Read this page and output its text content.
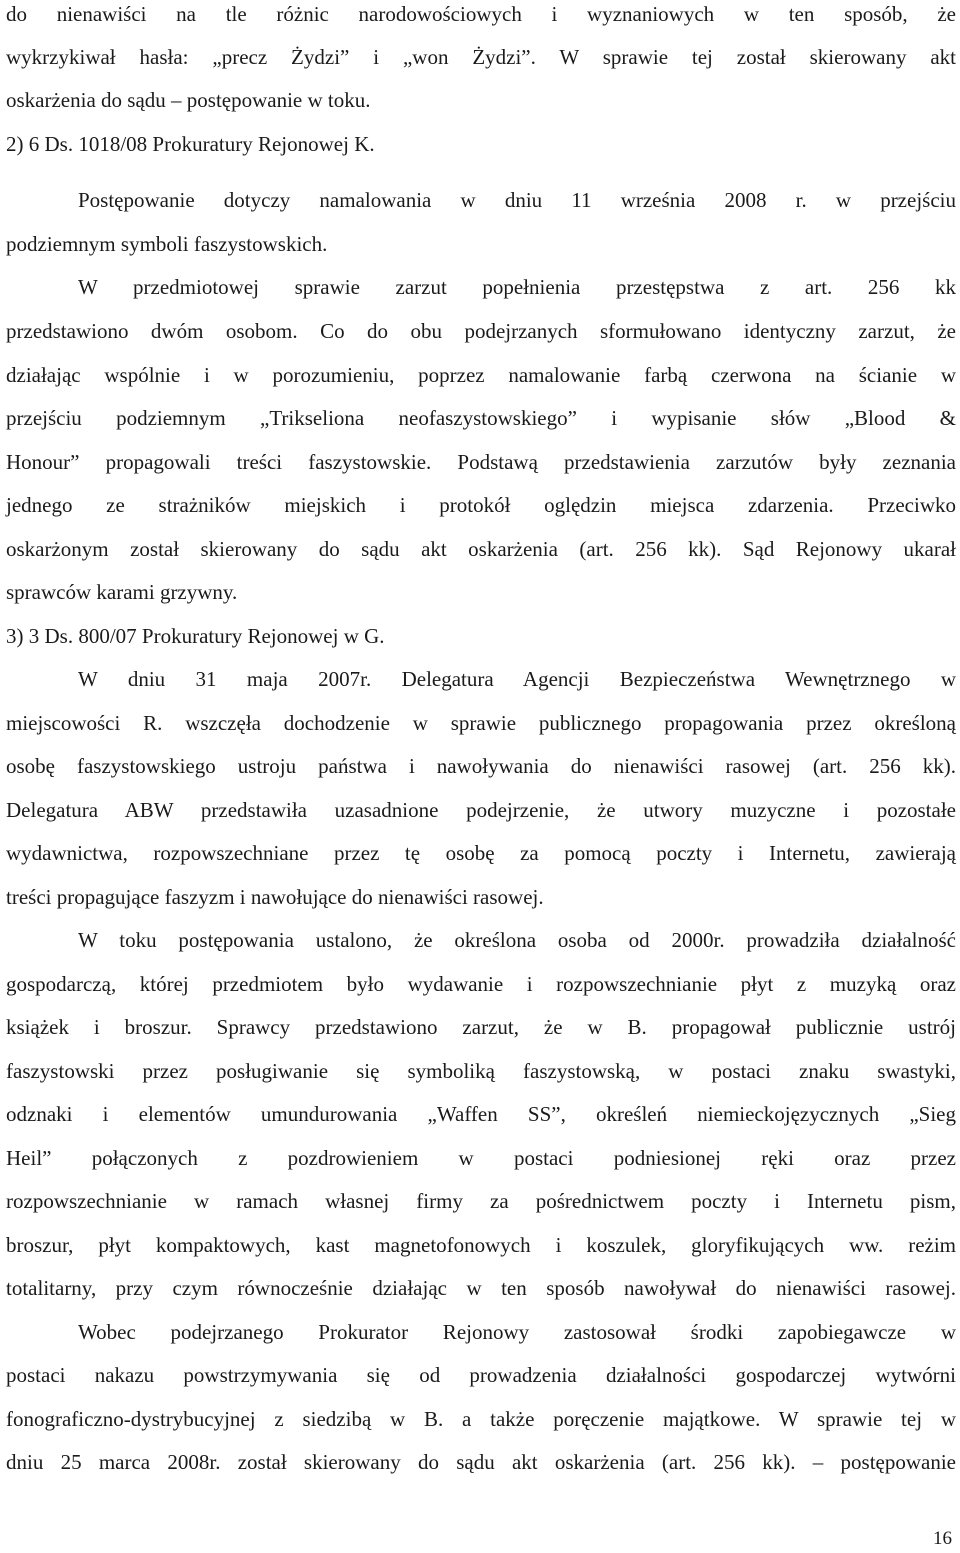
do nienawiści na tle różnic narodowościowych i wyznaniowych w ten sposób, że
wykrzykiwał hasła: „precz Żydzi” i „won Żydzi”. W sprawie tej został skierowany akt
oskarżenia do sądu – postępowanie w toku.
2) 6 Ds. 1018/08 Prokuratury Rejonowej K.
Postępowanie dotyczy namalowania w dniu 11 września 2008 r. w przejściu
podziemnym symboli faszystowskich.
W przedmiotowej sprawie zarzut popełnienia przestępstwa z art. 256 kk
przedstawiono dwóm osobom. Co do obu podejrzanych sformułowano identyczny zarzut, że
działając wspólnie i w porozumieniu, poprzez namalowanie farbą czerwona na ścianie w
przejściu podziemnym „Trikseliona neofaszystowskiego” i wypisanie słów „Blood &
Honour” propagowali treści faszystowskie. Podstawą przedstawienia zarzutów były zeznania
jednego ze strażników miejskich i protokół oględzin miejsca zdarzenia. Przeciwko
oskarżonym został skierowany do sądu akt oskarżenia (art. 256 kk). Sąd Rejonowy ukarał
sprawców karami grzywny.
3) 3 Ds. 800/07 Prokuratury Rejonowej w G.
W dniu 31 maja 2007r. Delegatura Agencji Bezpieczeństwa Wewnętrznego w
miejscowości R. wszczęła dochodzenie w sprawie publicznego propagowania przez określoną
osobę faszystowskiego ustroju państwa i nawoływania do nienawiści rasowej (art. 256 kk).
Delegatura ABW przedstawiła uzasadnione podejrzenie, że utwory muzyczne i pozostałe
wydawnictwa, rozpowszechniane przez tę osobę za pomocą poczty i Internetu, zawierają
treści propagujące faszyzm i nawołujące do nienawiści rasowej.
W toku postępowania ustalono, że określona osoba od 2000r. prowadziła działalność
gospodarczą, której przedmiotem było wydawanie i rozpowszechnianie płyt z muzyką oraz
książek i broszur. Sprawcy przedstawiono zarzut, że w B. propagował publicznie ustrój
faszystowski przez posługiwanie się symboliką faszystowską, w postaci znaku swastyki,
odznaki i elementów umundurowania „Waffen SS”, określeń niemieckojęzycznych „Sieg
Heil” połączonych z pozdrowieniem w postaci podniesionej ręki oraz przez
rozpowszechnianie w ramach własnej firmy za pośrednictwem poczty i Internetu pism,
broszur, płyt kompaktowych, kast magnetofonowych i koszulek, gloryfikujących ww. reżim
totalitarny, przy czym równocześnie działając w ten sposób nawoływał do nienawiści rasowej.
Wobec podejrzanego Prokurator Rejonowy zastosował środki zapobiegawcze w
postaci nakazu powstrzymywania się od prowadzenia działalności gospodarczej wytwórni
fonograficzno-dystrybucyjnej z siedzibą w B. a także poręczenie majątkowe. W sprawie tej w
dniu 25 marca 2008r. został skierowany do sądu akt oskarżenia (art. 256 kk). – postępowanie
16
